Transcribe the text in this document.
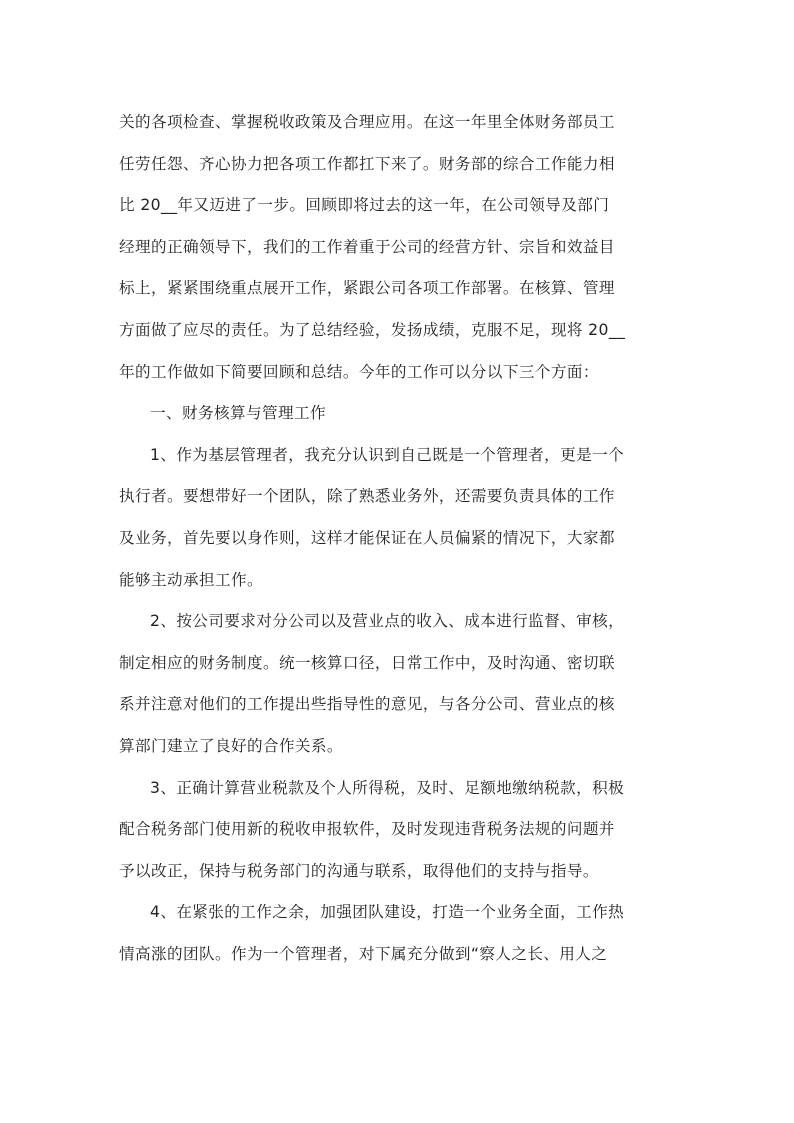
关的各项检查、掌握税收政策及合理应用。在这一年里全体财务部员工
任劳任怨、齐心协力把各项工作都扛下来了。财务部的综合工作能力相
比 20__年又迈进了一步。回顾即将过去的这一年，在公司领导及部门
经理的正确领导下，我们的工作着重于公司的经营方针、宗旨和效益目
标上，紧紧围绕重点展开工作，紧跟公司各项工作部署。在核算、管理
方面做了应尽的责任。为了总结经验，发扬成绩，克服不足，现将 20__
年的工作做如下简要回顾和总结。今年的工作可以分以下三个方面：
一、财务核算与管理工作
1、作为基层管理者，我充分认识到自己既是一个管理者，更是一个
执行者。要想带好一个团队，除了熟悉业务外，还需要负责具体的工作
及业务，首先要以身作则，这样才能保证在人员偏紧的情况下，大家都
能够主动承担工作。
2、按公司要求对分公司以及营业点的收入、成本进行监督、审核，
制定相应的财务制度。统一核算口径，日常工作中，及时沟通、密切联
系并注意对他们的工作提出些指导性的意见，与各分公司、营业点的核
算部门建立了良好的合作关系。
3、正确计算营业税款及个人所得税，及时、足额地缴纳税款，积极
配合税务部门使用新的税收申报软件，及时发现违背税务法规的问题并
予以改正，保持与税务部门的沟通与联系，取得他们的支持与指导。
4、在紧张的工作之余，加强团队建设，打造一个业务全面，工作热
情高涨的团队。作为一个管理者，对下属充分做到“察人之长、用人之
